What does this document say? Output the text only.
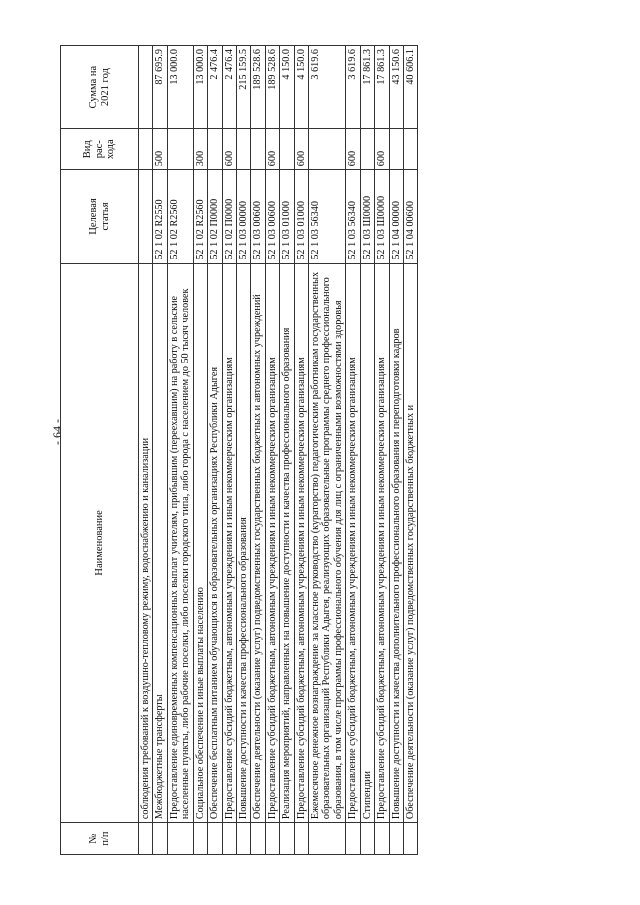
- 64 -
№
п/п	Наименование	Целевая
статья	Вид
рас-
хода	Сумма на
2021 год
	соблюдения требований к воздушно-тепловому режиму, водоснабжению и канализации			
	Межбюджетные трансферты	52 1 02 R2550	500	87 695.9
	Предоставление единовременных компенсационных выплат учителям, прибывшим (переехавшим) на работу в сельские населенные пункты, либо рабочие поселки, либо поселки городского типа, либо города с населением до 50 тысяч человек	52 1 02 R2560		13 000.0
	Социальное обеспечение и иные выплаты населению	52 1 02 R2560	300	13 000.0
	Обеспечение бесплатным питанием обучающихся в образовательных организациях Республики Адыгея	52 1 02 П0000		2 476.4
	Предоставление субсидий бюджетным, автономным учреждениям и иным некоммерческим организациям	52 1 02 П0000	600	2 476.4
	Повышение доступности и качества профессионального образования	52 1 03 00000		215 159.5
	Обеспечение деятельности (оказание услуг) подведомственных государственных бюджетных и автономных учреждений	52 1 03 00600		189 528.6
	Предоставление субсидий бюджетным, автономным учреждениям и иным некоммерческим организациям	52 1 03 00600	600	189 528.6
	Реализация мероприятий, направленных на повышение доступности и качества профессионального образования	52 1 03 01000		4 150.0
	Предоставление субсидий бюджетным, автономным учреждениям и иным некоммерческим организациям	52 1 03 01000	600	4 150.0
	Ежемесячное денежное вознаграждение за классное руководство (кураторство) педагогическим работникам государственных образовательных организаций Республики Адыгея, реализующих образовательные программы среднего профессионального образования, в том числе программы профессионального обучения для лиц с ограниченными возможностями здоровья	52 1 03 56340		3 619.6
	Предоставление субсидий бюджетным, автономным учреждениям и иным некоммерческим организациям	52 1 03 56340	600	3 619.6
	Стипендии	52 1 03 Ш0000		17 861.3
	Предоставление субсидий бюджетным, автономным учреждениям и иным некоммерческим организациям	52 1 03 Ш0000	600	17 861.3
	Повышение доступности и качества дополнительного профессионального образования и переподготовки кадров	52 1 04 00000		43 150.6
	Обеспечение деятельности (оказание услуг) подведомственных государственных бюджетных и	52 1 04 00600		40 606.1
